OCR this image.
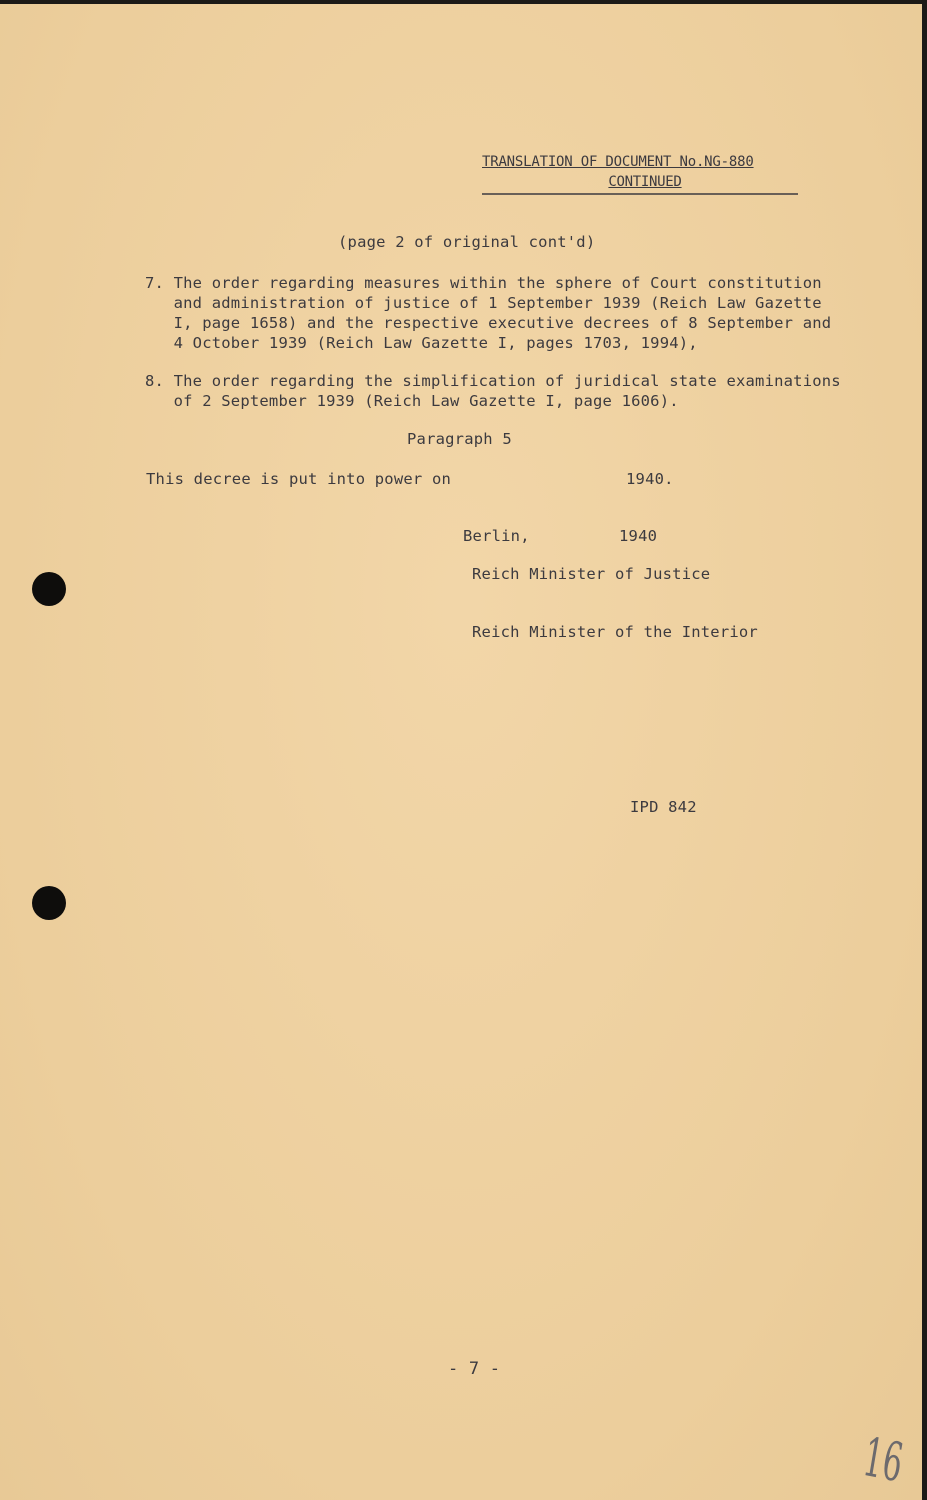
TRANSLATION OF DOCUMENT No.NG-880
CONTINUED

(page 2 of original cont'd)

7. The order regarding measures within the sphere of Court constitution

and administration of justice of 1 September 1939 (Reich Law Gazette

I, page 1658) and the respective executive decrees of 8 September and

4 October 1939 (Reich Law Gazette I, pages 1703, 1994),

8. The order regarding the simplification of juridical state examinations

of 2 September 1939 (Reich Law Gazette I, page 1606).

Paragraph 5

This decree is put into power on	1940.

Berlin,	1940

Reich Minister of Justice

Reich Minister of the Interior

IPD 842

- 7 -

16
